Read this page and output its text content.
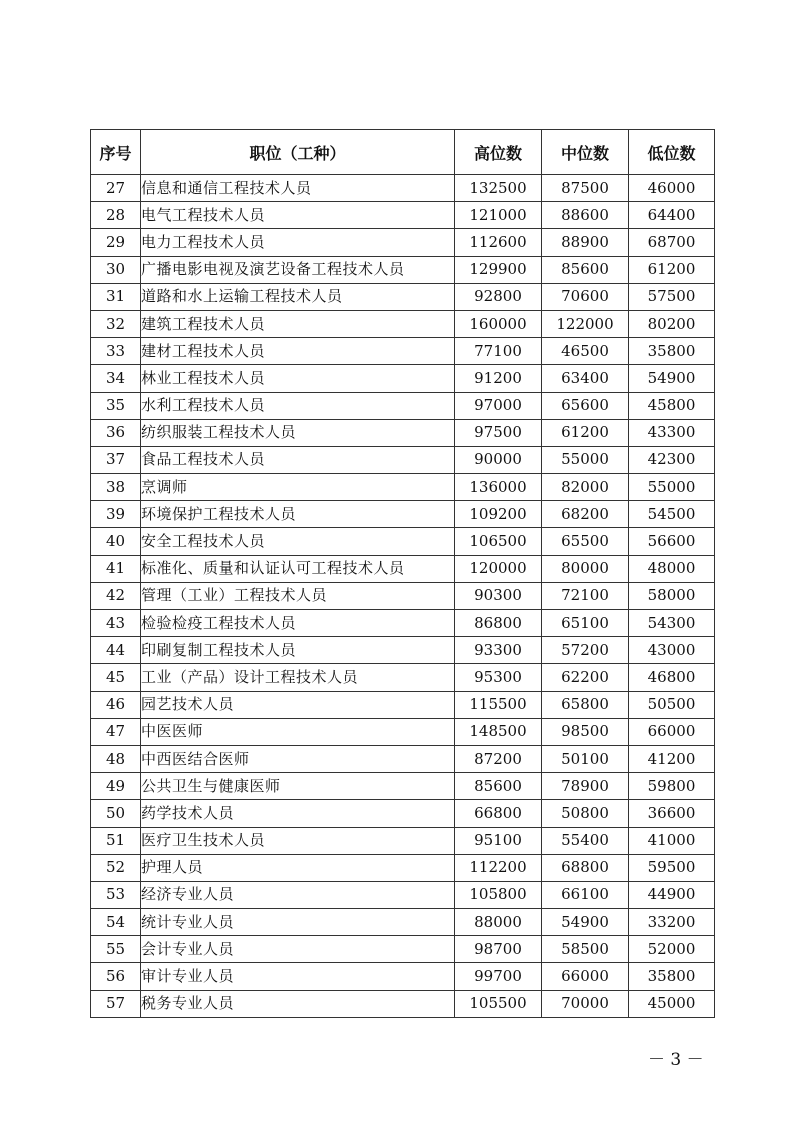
序号	职位（工种）	高位数	中位数	低位数
27	信息和通信工程技术人员	132500	87500	46000
28	电气工程技术人员	121000	88600	64400
29	电力工程技术人员	112600	88900	68700
30	广播电影电视及演艺设备工程技术人员	129900	85600	61200
31	道路和水上运输工程技术人员	92800	70600	57500
32	建筑工程技术人员	160000	122000	80200
33	建材工程技术人员	77100	46500	35800
34	林业工程技术人员	91200	63400	54900
35	水利工程技术人员	97000	65600	45800
36	纺织服装工程技术人员	97500	61200	43300
37	食品工程技术人员	90000	55000	42300
38	烹调师	136000	82000	55000
39	环境保护工程技术人员	109200	68200	54500
40	安全工程技术人员	106500	65500	56600
41	标准化、质量和认证认可工程技术人员	120000	80000	48000
42	管理（工业）工程技术人员	90300	72100	58000
43	检验检疫工程技术人员	86800	65100	54300
44	印刷复制工程技术人员	93300	57200	43000
45	工业（产品）设计工程技术人员	95300	62200	46800
46	园艺技术人员	115500	65800	50500
47	中医医师	148500	98500	66000
48	中西医结合医师	87200	50100	41200
49	公共卫生与健康医师	85600	78900	59800
50	药学技术人员	66800	50800	36600
51	医疗卫生技术人员	95100	55400	41000
52	护理人员	112200	68800	59500
53	经济专业人员	105800	66100	44900
54	统计专业人员	88000	54900	33200
55	会计专业人员	98700	58500	52000
56	审计专业人员	99700	66000	35800
57	税务专业人员	105500	70000	45000
－ 3 －
